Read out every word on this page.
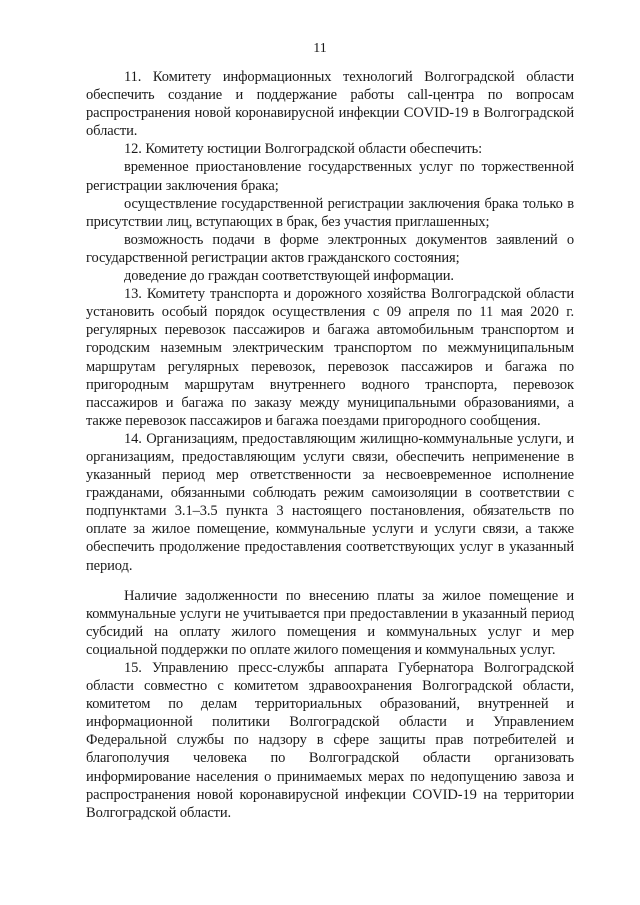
11

11. Комитету информационных технологий Волгоградской области обеспечить создание и поддержание работы call-центра по вопросам распространения новой коронавирусной инфекции COVID-19 в Волгоградской области.

12. Комитету юстиции Волгоградской области обеспечить:

временное приостановление государственных услуг по торжественной регистрации заключения брака;

осуществление государственной регистрации заключения брака только в присутствии лиц, вступающих в брак, без участия приглашенных;

возможность подачи в форме электронных документов заявлений о государственной регистрации актов гражданского состояния;

доведение до граждан соответствующей информации.

13. Комитету транспорта и дорожного хозяйства Волгоградской области установить особый порядок осуществления с 09 апреля по 11 мая 2020 г. регулярных перевозок пассажиров и багажа автомобильным транспортом и городским наземным электрическим транспортом по межмуниципальным маршрутам регулярных перевозок, перевозок пассажиров и багажа по пригородным маршрутам внутреннего водного транспорта, перевозок пассажиров и багажа по заказу между муниципальными образованиями, а также перевозок пассажиров и багажа поездами пригородного сообщения.

14. Организациям, предоставляющим жилищно-коммунальные услуги, и организациям, предоставляющим услуги связи, обеспечить неприменение в указанный период мер ответственности за несвоевременное исполнение гражданами, обязанными соблюдать режим самоизоляции в соответствии с подпунктами 3.1–3.5 пункта 3 настоящего постановления, обязательств по оплате за жилое помещение, коммунальные услуги и услуги связи, а также обеспечить продолжение предоставления соответствующих услуг в указанный период.

Наличие задолженности по внесению платы за жилое помещение и коммунальные услуги не учитывается при предоставлении в указанный период субсидий на оплату жилого помещения и коммунальных услуг и мер социальной поддержки по оплате жилого помещения и коммунальных услуг.

15. Управлению пресс-службы аппарата Губернатора Волгоградской области совместно с комитетом здравоохранения Волгоградской области, комитетом по делам территориальных образований, внутренней и информационной политики Волгоградской области и Управлением Федеральной службы по надзору в сфере защиты прав потребителей и благополучия человека по Волгоградской области организовать информирование населения о принимаемых мерах по недопущению завоза и распространения новой коронавирусной инфекции COVID-19 на территории Волгоградской области.
